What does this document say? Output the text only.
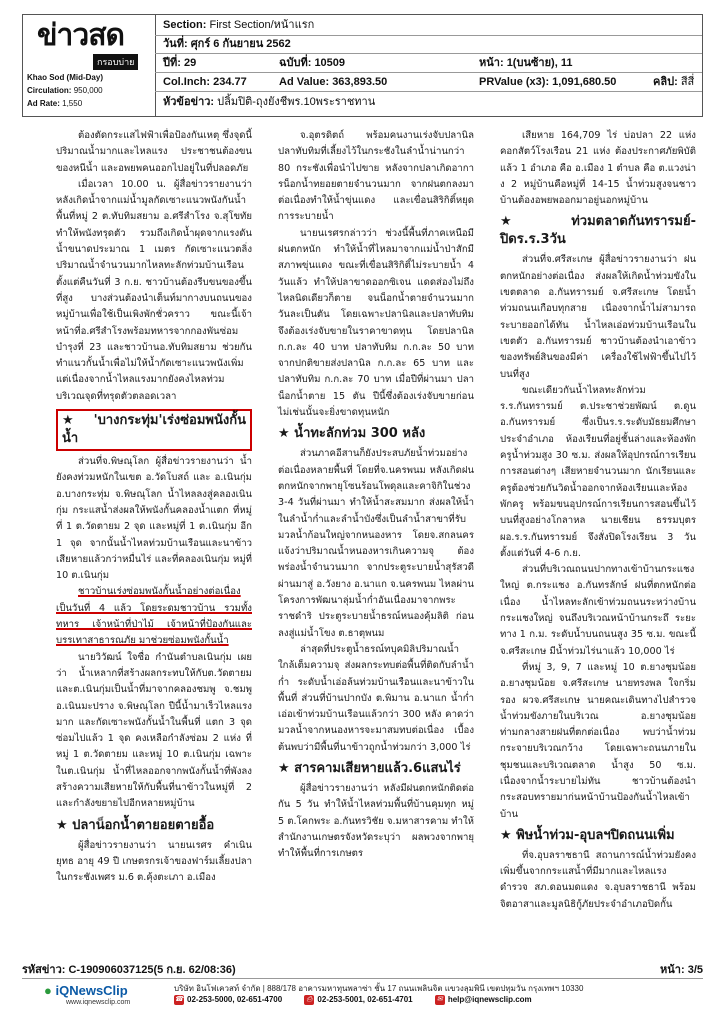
ข่าวสด
กรอบบ่าย
Khao Sod (Mid-Day)
Circulation: 950,000
Ad Rate: 1,550
Section: First Section/หน้าแรก
วันที่: ศุกร์ 6 กันยายน 2562
ปีที่: 29	ฉบับที่: 10509	หน้า: 1(บนซ้าย), 11
Col.Inch: 234.77	Ad Value: 363,893.50	PRValue (x3): 1,091,680.50	คลิป: สีสี่
หัวข้อข่าว: ปลิ้มปิติ-ถุงยังชีพร.10พระราชทาน

ต้องตัดกระแสไฟฟ้าเพื่อป้องกันเหตุ ซึ่งจุดนี้ปริมาณน้ำมากและไหลแรง ประชาชนต้องขนของหนีน้ำ และอพยพคนออกไปอยู่ในที่ปลอดภัย

เมื่อเวลา 10.00 น. ผู้สื่อข่าวรายงานว่า หลังเกิดน้ำจากแม่น้ำมูลกัดเซาะแนวพนังกันน้ำ พื้นที่หมู่ 2 ต.ทับทิมสยาม อ.ศรีสำโรง จ.สุโขทัย ทำให้พนังทรุดตัว รวมถึงเกิดน้ำผุดจากแรงดันน้ำขนาดประมาณ 1 เมตร กัดเซาะแนวตลิ่งปริมาณน้ำจำนวนมากไหลทะลักท่วมบ้านเรือนตั้งแต่คืนวันที่ 3 ก.ย. ชาวบ้านต้องรีบขนของขึ้นที่สูง บางส่วนต้องนำเต็นท์มากางบนถนนของหมู่บ้านเพื่อใช้เป็นเพิงพักชั่วคราว ขณะนี้เจ้าหน้าที่อ.ศรีสำโรงพร้อมทหารจากกองพันซ่อมบำรุงที่ 23 และชาวบ้านอ.ทับทิมสยาม ช่วยกันทำแนวกั้นน้ำเพื่อไม่ให้น้ำกัดเซาะแนวพนังเพิ่ม แต่เนื่องจากน้ำไหลแรงมากยังคงไหลท่วมบริเวณจุดที่ทรุดตัวตลอดเวลา

★ 'บางกระทุ่ม'เร่งซ่อมพนังกั้นน้ำ

ส่วนที่จ.พิษณุโลก ผู้สื่อข่าวรายงานว่า น้ำยังคงท่วมหนักในเขต อ.วัดโบสถ์ และ อ.เนินกุ่ม อ.บางกระทุ่ม จ.พิษณุโลก น้ำไหลลงสู่คลองเนินกุ่ม กระแสน้ำส่งผลให้พนังกั้นคลองน้ำแตก ที่หมู่ที่ 1 ต.วัดตายม 2 จุด และหมู่ที่ 1 ต.เนินกุ่ม อีก 1 จุด จากนั้นน้ำไหลท่วมบ้านเรือนและนาข้าว เสียหายแล้วกว่าหมื่นไร่ และที่คลองเนินกุ่ม หมู่ที่ 10 ต.เนินกุ่ม

ชาวบ้านเร่งซ่อมพนังกั้นน้ำอย่างต่อเนื่องเป็นวันที่ 4 แล้ว โดยระดมชาวบ้าน รวมทั้งทหาร เจ้าหน้าที่ป่าไม้ เจ้าหน้าที่ป้องกันและบรรเทาสาธารณภัย มาช่วยซ่อมพนังกั้นน้ำ

นายวิวัฒน์ ใจซื่อ กำนันตำบลเนินกุ่ม เผยว่า น้ำเหลากที่สร้างผลกระทบให้กับต.วัดตายม และต.เนินกุ่มเป็นน้ำที่มาจากคลองชมพู จ.ชมพู อ.เนินมะปราง จ.พิษณุโลก ปีนี้น้ำมาเร็วไหลแรงมาก และกัดเซาะพนังกั้นน้ำในพื้นที่ แตก 3 จุด ซ่อมไปแล้ว 1 จุด คงเหลือกำลังซ่อม 2 แห่ง ที่หมู่ 1 ต.วัดตายม และหมู่ 10 ต.เนินกุ่ม เฉพาะในต.เนินกุ่ม น้ำที่ไหลออกจากพนังกั้นน้ำที่พังลง สร้างความเสียหายให้กับพื้นที่นาข้าวในหมู่ที่ 2 และกำลังขยายไปอีกหลายหมู่บ้าน

★ ปลาน็อกน้ำตายอยตายอื้อ

ผู้สื่อข่าวรายงานว่า นายนเรศร คำเนินยุทธ อายุ 49 ปี เกษตรกรเจ้าของฟาร์มเลี้ยงปลาในกระชังเพศร ม.6 ต.คุ้งตะเภา อ.เมือง

จ.อุตรดิตถ์ พร้อมคนงานเร่งจับปลานิล ปลาทับทิมที่เลี้ยงไว้ในกระชังในลำน้ำน่านกว่า 80 กระชังเพื่อนำไปขาย หลังจากปลาเกิดอาการน็อกน้ำทยอยตายจำนวนมาก จากฝนตกลงมาต่อเนื่องทำให้น้ำขุ่นแดง และเขื่อนสิริกิติ์หยุดการระบายน้ำ

นายนเรศรกล่าวว่า ช่วงนี้พื้นที่ภาคเหนือมีฝนตกหนัก ทำให้น้ำที่ไหลมาจากแม่น้ำป่าสักมีสภาพขุ่นแดง ขณะที่เขื่อนสิริกิติ์ไม่ระบายน้ำ 4 วันแล้ว ทำให้ปลาขาดออกซิเจน แดดส่องไม่ถึง ไหลนิดเดียวก็ตาย จนน็อกน้ำตายจำนวนมาก วันละเป็นตัน โดยเฉพาะปลานิลและปลาทับทิม จึงต้องเร่งจับขายในราคาขาดทุน โดยปลานิล ก.ก.ละ 40 บาท ปลาทับทิม ก.ก.ละ 50 บาท จากปกติขายส่งปลานิล ก.ก.ละ 65 บาท และปลาทับทิม ก.ก.ละ 70 บาท เมื่อปีที่ผ่านมา ปลาน็อกน้ำตาย 15 ตัน ปีนี้ซึ่งต้องเร่งจับขายก่อน ไม่เช่นนั้นจะยิ่งขาดทุนหนัก

★ น้ำทะลักท่วม 300 หลัง

ส่วนภาคอีสานก็ยังประสบภัยน้ำท่วมอย่างต่อเนื่องหลายพื้นที่ โดยที่จ.นครพนม หลังเกิดฝนตกหนักจากพายุโซนร้อนโพดุลและคาจิกิในช่วง 3-4 วันที่ผ่านมา ทำให้น้ำสะสมมาก ส่งผลให้น้ำในลำน้ำก่ำและลำน้ำบังซึ่งเป็นลำน้ำสาขาที่รับมวลน้ำก้อนใหญ่จากหนองหาร โดยจ.สกลนครแจ้งว่าปริมาณน้ำหนองหารเกินความจุ ต้องพร่องน้ำจำนวนมาก จากประตูระบายน้ำสุรัสวดี ผ่านมาสู่ อ.วังยาง อ.นาแก จ.นครพนม ไหลผ่านโครงการพัฒนาลุ่มน้ำก่ำอันเนื่องมาจากพระราชดำริ ประตูระบายน้ำธรณ์หนองคุ้มลิติ ก่อนลงสู่แม่น้ำโขง ต.ธาตุพนม

ล่าสุดที่ประตูน้ำธรณ์ทบุคมิลิปริมาณน้ำใกล้เต็มความจุ ส่งผลกระทบต่อพื้นที่ติดกับลำน้ำก่ำ ระดับน้ำเอ่อล้นท่วมบ้านเรือนและนาข้าวในพื้นที่ ส่วนที่บ้านปากบัง ต.พิมาน อ.นาแก น้ำก่ำเอ่อเข้าท่วมบ้านเรือนแล้วกว่า 300 หลัง คาดว่ามวลน้ำจากหนองหารจะมาสมทบต่อเนื่อง เบื้องต้นพบว่ามีพื้นที่นาข้าวถูกน้ำท่วมกว่า 3,000 ไร่

★ สารคามเสียหายแล้ว.6แสนไร่

ผู้สื่อข่าวรายงานว่า หลังมีฝนตกหนักติดต่อกัน 5 วัน ทำให้น้ำไหลท่วมพื้นที่บ้านคุมทุก หมู่ 5 ต.โคกพระ อ.กันทรวิชัย จ.มหาสารคาม ทำให้สำนักงานเกษตรจังหวัดระบุว่า ผลพวงจากพายุทำให้พื้นที่การเกษตร

เสียหาย 164,709 ไร่ บ่อปลา 22 แห่ง คอกสัตว์โรงเรือน 21 แห่ง ต้องประกาศภัยพิบัติแล้ว 1 อำเภอ คือ อ.เมือง 1 ตำบล คือ ต.แวงน่าง 2 หมู่บ้านคือหมู่ที่ 14-15 น้ำท่วมสูงจนชาวบ้านต้องอพยพออกมาอยู่นอกหมู่บ้าน

★ท่วมตลาดกันทรารมย์-ปิดร.ร.3วัน

ส่วนที่จ.ศรีสะเกษ ผู้สื่อข่าวรายงานว่า ฝนตกหนักอย่างต่อเนื่อง ส่งผลให้เกิดน้ำท่วมขังในเขตตลาด อ.กันทรารมย์ จ.ศรีสะเกษ โดยน้ำท่วมถนนเกือบทุกสาย เนื่องจากน้ำไม่สามารถระบายออกได้ทัน น้ำไหลเอ่อท่วมบ้านเรือนในเขตตัว อ.กันทรารมย์ ชาวบ้านต้องนำเอาข้าวของทรัพย์สินของมีค่า เครื่องใช้ไฟฟ้าขึ้นไปไว้บนที่สูง

ขณะเดียวกันน้ำไหลทะลักท่วมร.ร.กันทรารมย์ ต.ประชาช่วยพัฒน์ ต.ดูน อ.กันทรารมย์ ซึ่งเป็นร.ร.ระดับมัธยมศึกษาประจำอำเภอ ห้องเรียนที่อยู่ชั้นล่างและห้องพักครูน้ำท่วมสูง 30 ซ.ม. ส่งผลให้อุปกรณ์การเรียนการสอนต่างๆ เสียหายจำนวนมาก นักเรียนและครูต้องช่วยกันวิดน้ำออกจากห้องเรียนและห้องพักครู พร้อมขนอุปกรณ์การเรียนการสอนขึ้นไว้บนที่สูงอย่างโกลาหล นายเชียน ธรรมบุตร ผอ.ร.ร.กันทรารมย์ จึงสั่งปิดโรงเรียน 3 วัน ตั้งแต่วันที่ 4-6 ก.ย.

ส่วนที่บริเวณถนนปากทางเข้าบ้านกระแชงใหญ่ ต.กระแชง อ.กันทรลักษ์ ฝนที่ตกหนักต่อเนื่อง น้ำไหลทะลักเข้าท่วมถนนระหว่างบ้านกระแชงใหญ่ จนถึงบริเวณหน้าบ้านกระถึ ระยะทาง 1 ก.ม. ระดับน้ำบนถนนสูง 35 ซ.ม. ขณะนี้จ.ศรีสะเกษ มีน้ำท่วมไร่นาแล้ว 10,000 ไร่

ที่หมู่ 3, 9, 7 และหมู่ 10 ต.ยางชุมน้อย อ.ยางชุมน้อย จ.ศรีสะเกษ นายทรงพล ใจกริ่มรอง ผวจ.ศรีสะเกษ นายคณะเดินทางไปสำรวจน้ำท่วมขังภายในบริเวณ อ.ยางชุมน้อย ท่ามกลางสายฝนที่ตกต่อเนื่อง พบว่าน้ำท่วมกระจายบริเวณกว้าง โดยเฉพาะถนนภายในชุมชนและบริเวณตลาด น้ำสูง 50 ซ.ม. เนื่องจากน้ำระบายไม่ทัน ชาวบ้านต้องนำกระสอบทรายมาก่นหน้าบ้านป้องกันน้ำไหลเข้าบ้าน

★ พิษน้ำท่วม-อุบลฯปิดถนนเพิ่ม

ที่จ.อุบลราชธานี สถานการณ์น้ำท่วมยังคงเพิ่มขึ้นจากกระแสน้ำที่มีมากและไหลแรง ดำรวจ สภ.ดอนมดแดง จ.อุบลราชธานี พร้อมจิตอาสาและมูลนิธิกู้ภัยประจำอำเภอปิดกั้น

รหัสข่าว: C-190906037125(5 ก.ย. 62/08:36)	หน้า: 3/5
● iQNewsClip
www.iqnewsclip.com
บริษัท อินโฟเควสท์ จำกัด | 888/178 อาคารมหาทุนพลาซ่า ชั้น 17 ถนนเพลินจิต แขวงลุมพินี เขตปทุมวัน กรุงเทพฯ 10330
☎ 02-253-5000, 02-651-4700	⎙ 02-253-5001, 02-651-4701	✉ help@iqnewsclip.com
